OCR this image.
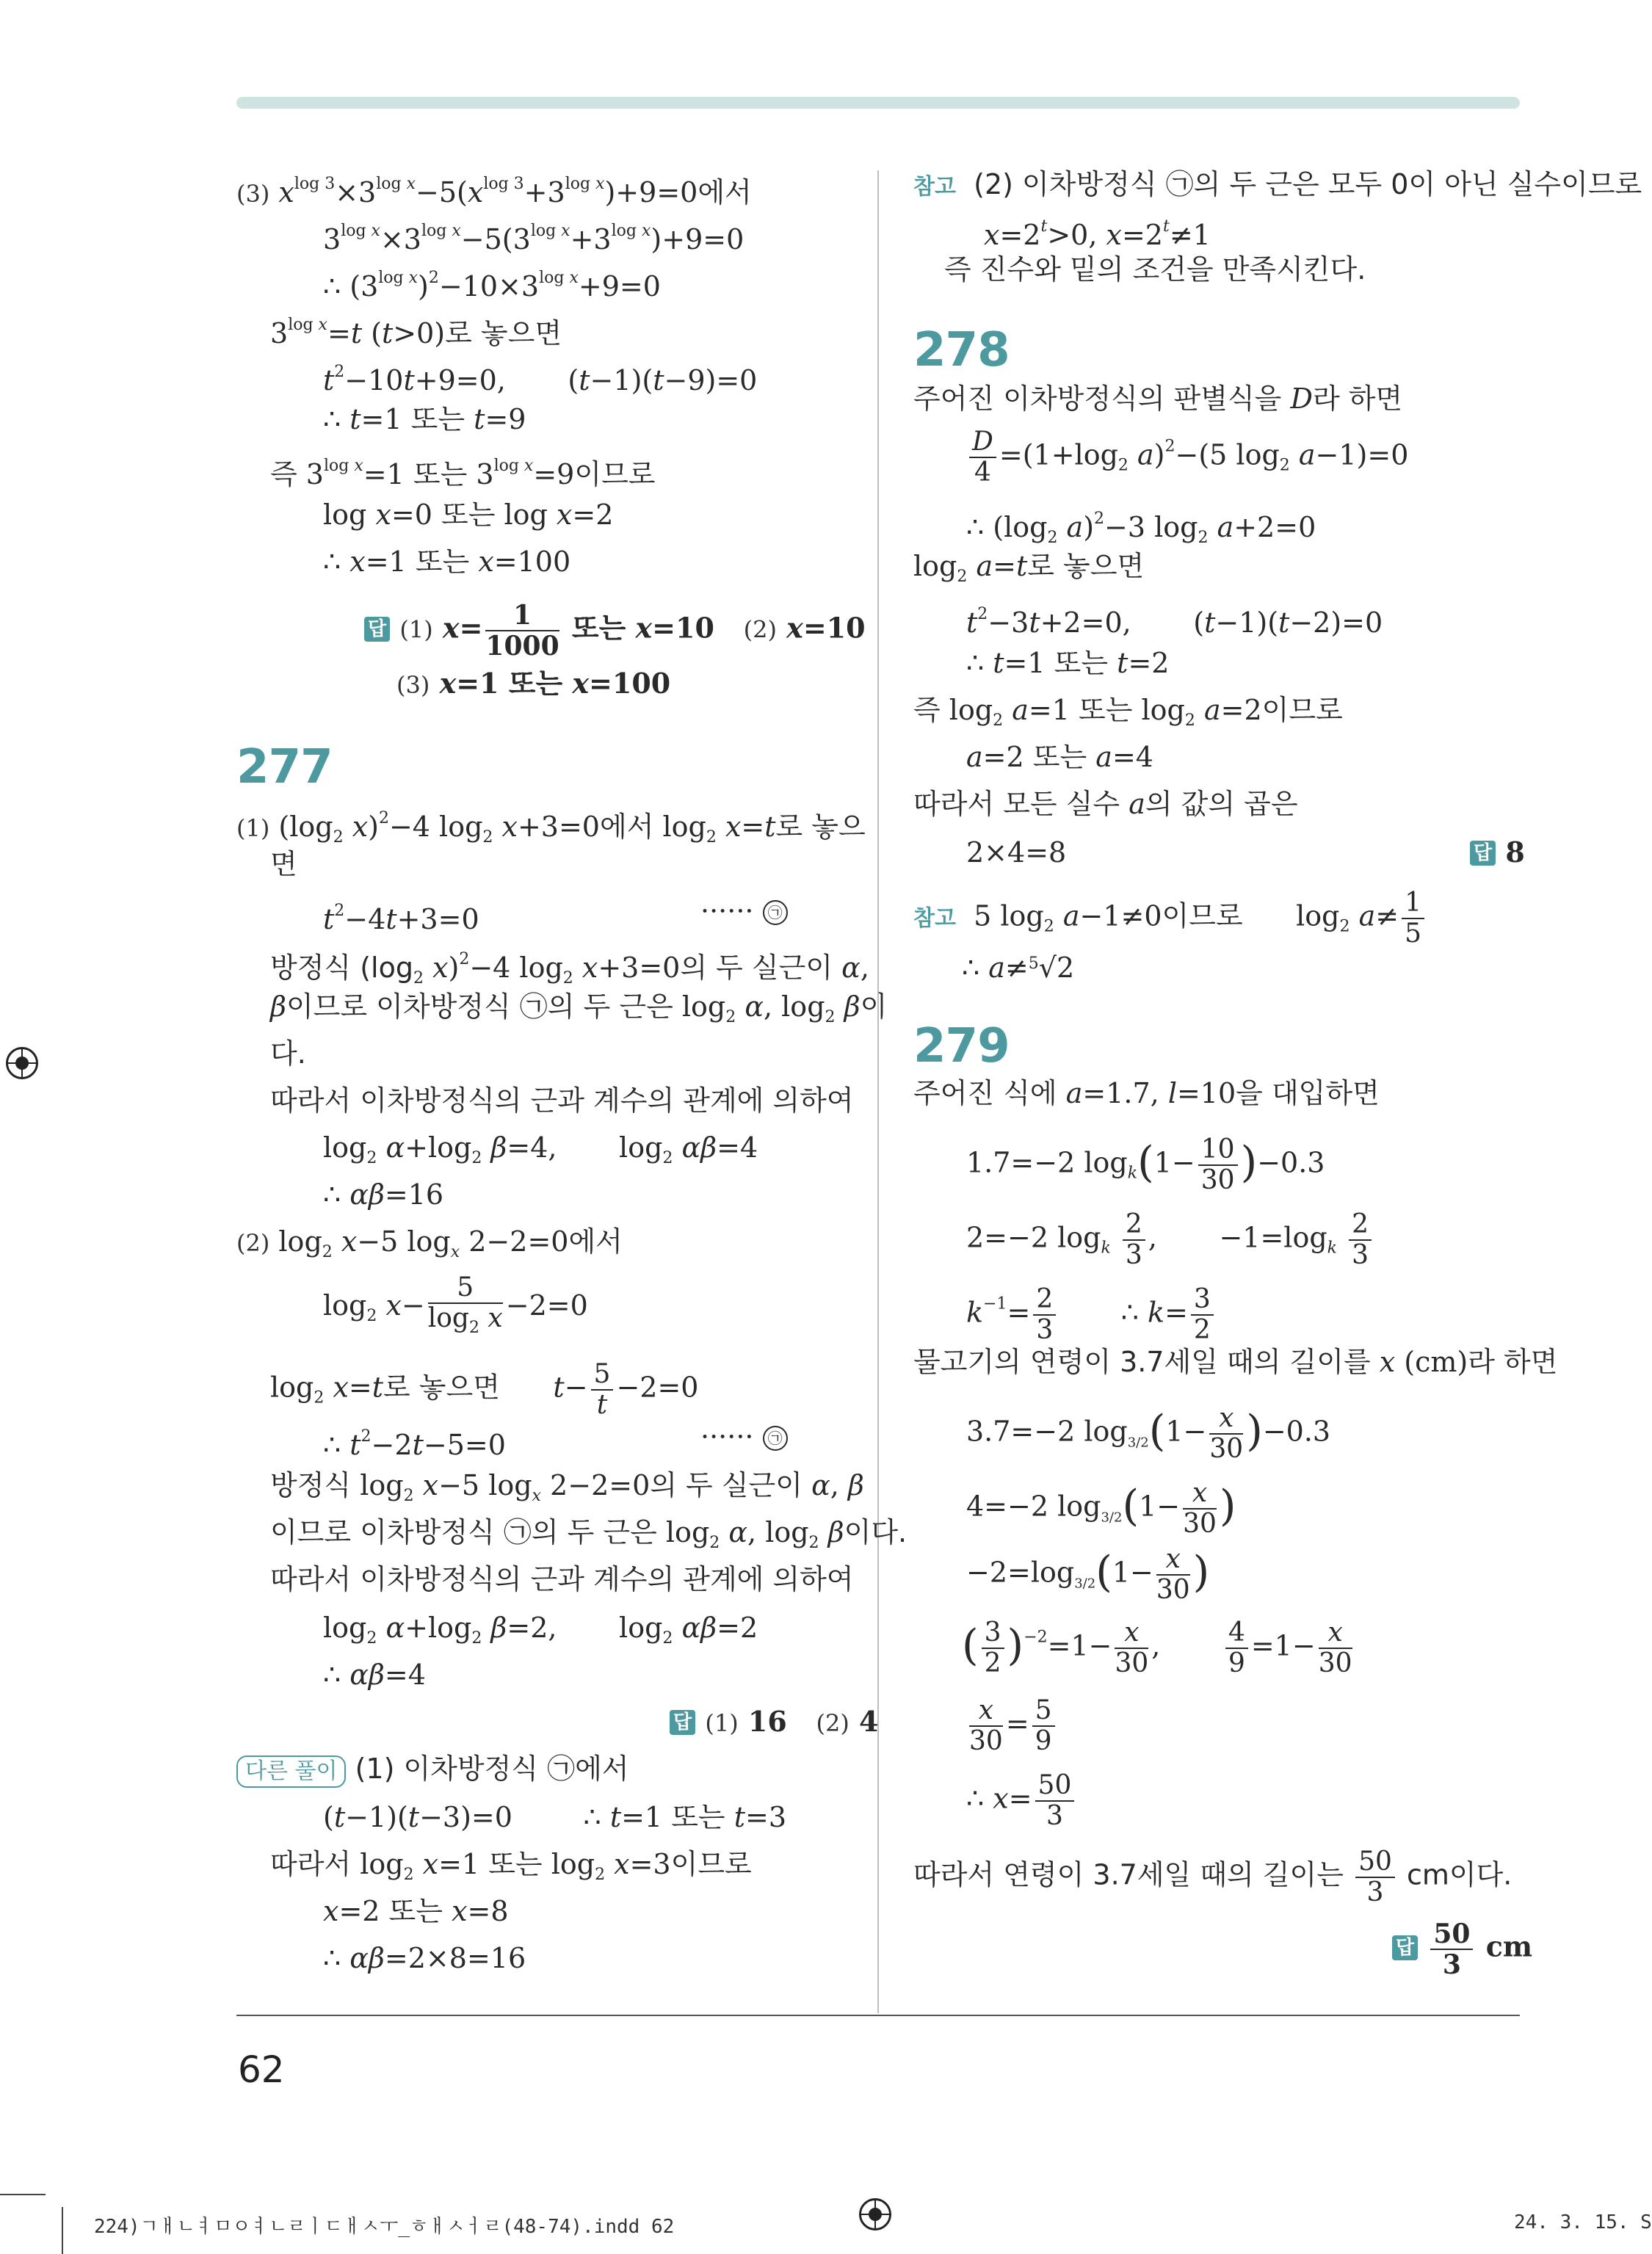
(3) $x^{log 3}\times 3^{log x}-5(x^{log 3}+3^{log x})+9=0$에서
$3^{log x}\times 3^{log x}-5(3^{log x}+3^{log x})+9=0$
∴ $(3^{log x})^2-10\times 3^{log x}+9=0$
$3^{log x}=t$ (t>0)로 놓으면
$t^2-10t+9=0$,       (t−1)(t−9)=0
∴ t=1 또는 t=9
즉 $3^{log x}=1$ 또는 $3^{log x}=9$이므로
log x=0 또는 log x=2
∴ x=1 또는 x=100
답 (1) $x= \frac{1}{1000}$ 또는 x=10   (2) x=10
(3) x=1 또는 x=100
277
(1) ($\log_2$ x)$^2$−4 $\log_2 x+3=0$에서 $\log_2 x=t$로 놓으
면
$t^2-4t+3=0$	······ ㉠
방정식 ($\log_2$ x)$^2$−4 $\log_2 x+3=0$의 두 실근이 α,
β이므로 이차방정식 ㉠의 두 근은 $\log_2 \alpha$, $\log_2 \beta$이
다.
따라서 이차방정식의 근과 계수의 관계에 의하여
$\log_2 \alpha+\log_2$ β=4,       $\log_2 \alpha\beta=4$
∴ αβ=16
(2) $\log_2 x-5$ $\log_x 2-2=0$에서
$\log_2 x- \frac{5}{\log_2 x} -2=0$
$\log_2 x=t$로 놓으면 $t- \frac{5}{t} -2=0$
∴ $t^2-2t-5=0$	······ ㉠
방정식 $\log_2 x-5$ $\log_x 2-2=0$의 두 실근이 α, β
이므로 이차방정식 ㉠의 두 근은 $\log_2 \alpha$, $\log_2 \beta$이다.
따라서 이차방정식의 근과 계수의 관계에 의하여
$\log_2 \alpha+\log_2$ β=2,       $\log_2 \alpha\beta=2$
∴ αβ=4
답 (1) 16   (2) 4
다른 풀이 (1) 이차방정식 ㉠에서
(t−1)(t−3)=0        ∴ t=1 또는 t=3
따라서 $\log_2 x=1$ 또는 $\log_2 x=3$이므로
x=2 또는 x=8
∴ αβ=2×8=16
참고 (2) 이차방정식 ㉠의 두 근은 모두 0이 아닌 실수이므로
$x=2^t>0$, $x=2^t\ne 1$
즉 진수와 밑의 조건을 만족시킨다.
278
주어진 이차방정식의 판별식을 D라 하면
$\frac{D}{4} =(1+\log_2$ a)$^2$−(5 $\log_2 a-1)=0$
∴ ($\log_2$ a)$^2$−3 $\log_2 a+2=0$
$\log_2 a=t$로 놓으면
$t^2-3t+2=0$,       (t−1)(t−2)=0
∴ t=1 또는 t=2
즉 $\log_2 a=1$ 또는 $\log_2 a=2$이므로
a=2 또는 a=4
따라서 모든 실수 a의 값의 곱은
2×4=8	답 8
참고  5 $\log_2 a-1\ne 0$이므로      $\log_2 a\ne \frac{1}{5}$
∴ a≠$^5$√2
279
주어진 식에 a=1.7, l=10을 대입하면
1.7=−2 $\log_k(1- \frac{10}{30} )-0.3$
2=−2 $\log_k \frac{2}{3}$ ,       $-1=\log_k \frac{2}{3}$
$k^{-1}= \frac{2}{3}$ ∴ $k= \frac{3}{2}$
물고기의 연령이 3.7세일 때의 길이를 x (cm)라 하면
3.7=−2 $\log_{3/2}(1- \frac{x}{30} )-0.3$
4=−2 $\log_{3/2}(1- \frac{x}{30}$ )
$-2=\log_{3/2}(1- \frac{x}{30}$ )
( $\frac{3}{2} )^{-2}=1- \frac{x}{30}$ , $\frac{4}{9} =1- \frac{x}{30}$
$\frac{x}{30} = \frac{5}{9}$
∴ $x= \frac{50}{3}$
따라서 연령이 3.7세일 때의 길이는 $\frac{50}{3}$ cm이다.
답 $\frac{50}{3}$ cm
62
224)ㄱㅐㄴㅕㅁㅇㅕㄴㄹㅣㄷㅐㅅㅜ_ㅎㅐㅅㅓㄹ(48-74).indd 62	24. 3. 15. S
